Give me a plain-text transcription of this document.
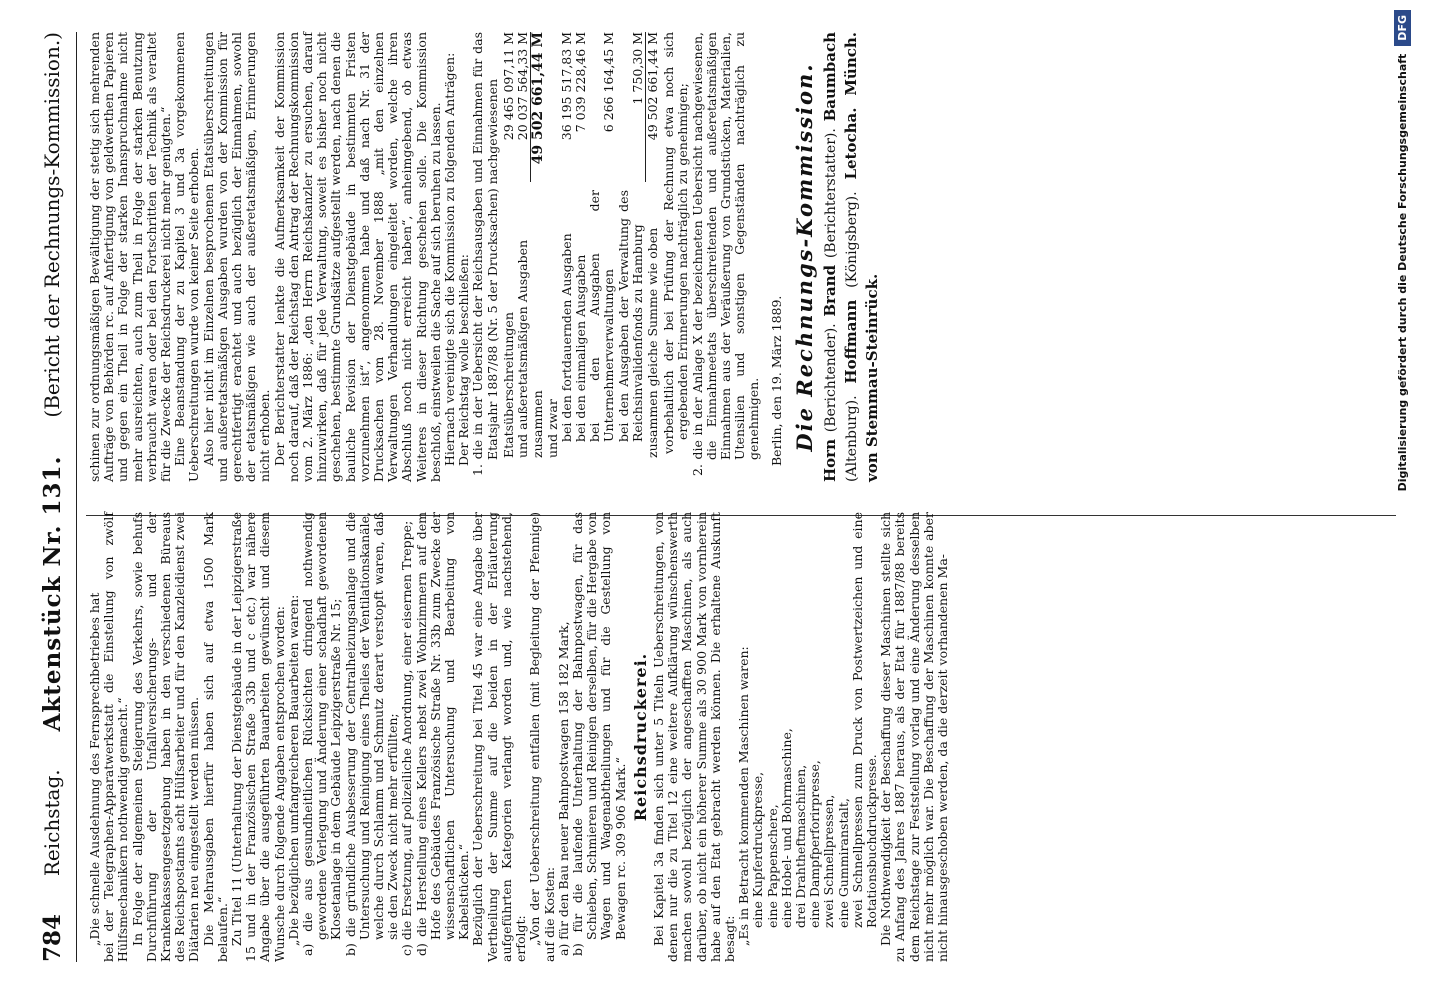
784
Reichstag.
Aktenstück Nr. 131.
(Bericht der Rechnungs-Kommission.)

„Die schnelle Ausdehnung des Fernsprechbetriebes hat bei der Telegraphen-Apparatwerkstatt die Einstellung von zwölf Hülfsmechanikern nothwendig gemacht.“ In Folge der allgemeinen Steigerung des Verkehrs, sowie behufs Durchführung der Unfallversicherungs- und der Krankenkassengesetzgebung haben in den verschiedenen Büreaus des Reichspostamts acht Hülfsarbeiter und für den Kanzleidienst zwei Diätarien neu eingestellt werden müssen. Die Mehrausgaben hierfür haben sich auf etwa 1500 Mark belaufen.“ Zu Titel 11 (Unterhaltung der Dienstgebäude in der Leipzigerstraße 15 und in der Französischen Straße 33b und c etc.) war nähere Angabe über die ausgeführten Bauarbeiten gewünscht und diesem Wunsche durch folgende Angaben entsprochen worden: „Die bezüglichen umfangreicheren Bauarbeiten waren: a) die aus gesundheitlichen Rücksichten dringend nothwendig gewordene Verlegung und Änderung einer schadhaft gewordenen Klosetanlage in dem Gebäude Leipzigerstraße Nr. 15; b) die gründliche Ausbesserung der Centralheizungsanlage und die Untersuchung und Reinigung eines Theiles der Ventilationskanäle, welche durch Schlamm und Schmutz derart verstopft waren, daß sie den Zweck nicht mehr erfüllten; c) die Ersetzung, auf polizeiliche Anordnung, einer eisernen Treppe; d) die Herstellung eines Kellers nebst zwei Wohnzimmern auf dem Hofe des Gebäudes Französische Straße Nr. 33b zum Zwecke der wissenschaftlichen Untersuchung und Bearbeitung von Kabelstücken.“ Bezüglich der Ueberschreitung bei Titel 45 war eine Angabe über Vertheilung der Summe auf die beiden in der Erläuterung aufgeführten Kategorien verlangt worden und, wie nachstehend, erfolgt: „Von der Ueberschreitung entfallen (mit Begleitung der Pfennige) auf die Kosten: a) für den Bau neuer Bahnpostwagen 158 182 Mark, b) für die laufende Unterhaltung der Bahnpostwagen, für das Schieben, Schmieren und Reinigen derselben, für die Hergabe von Wagen und Wagenabtheilungen und für die Gestellung von Bewagen rc. 309 906 Mark.“

Reichsdruckerei. Bei Kapitel 3a finden sich unter 5 Titeln Ueberschreitungen, von denen nur die zu Titel 12 eine weitere Aufklärung wünschenswerth machen sowohl bezüglich der angeschafften Maschinen, als auch darüber, ob nicht ein höherer Summe als 30 900 Mark von vornherein habe auf den Etat gebracht werden können. Die erhaltene Auskunft besagt: „Es in Betracht kommenden Maschinen waren: eine Kupferdruckpresse, eine Pappenschere, eine Hobel- und Bohrmaschine, drei Drahtheftmaschinen, eine Dampfperforirpresse, zwei Schnellpressen, eine Gummiranstalt, zwei Schnellpressen zum Druck von Postwertzeichen und eine Rotationsbuchdruckpresse. Die Nothwendigkeit der Beschaffung dieser Maschinen stellte sich zu Anfang des Jahres 1887 heraus, als der Etat für 1887/88 bereits dem Reichstage zur Feststellung vorlag und eine Änderung desselben nicht mehr möglich war. Die Beschaffung der Maschinen konnte aber nicht hinausgeschoben werden, da die derzeit vorhandenen Ma-

schinen zur ordnungsmäßigen Bewältigung der stetig sich mehrenden Aufträge von Behörden rc. auf Anfertigung von geldwerthen Papieren und gegen ein Theil in Folge der starken Inanspruchnahme nicht mehr ausreichten, auch zum Theil in Folge der starken Benutzung verbraucht waren oder bei den Fortschritten der Technik als veraltet für die Zwecke der Reichsdruckerei nicht mehr genügten.“ Eine Beanstandung der zu Kapitel 3 und 3a vorgekommenen Ueberschreitungen wurde von keiner Seite erhoben. Also hier nicht im Einzelnen besprochenen Etatsüberschreitungen und außeretatsmäßigen Ausgaben wurden von der Kommission für gerechtfertigt erachtet und auch bezüglich der Einnahmen, sowohl der etatsmäßigen wie auch der außeretatsmäßigen, Erinnerungen nicht erhoben. Der Berichterstatter lenkte die Aufmerksamkeit der Kommission noch darauf, daß der Reichstag den Antrag der Rechnungskommission vom 2. März 1886: „den Herrn Reichskanzler zu ersuchen, darauf hinzuwirken, daß für jede Verwaltung, soweit es bisher noch nicht geschehen, bestimmte Grundsätze aufgestellt werden, nach denen die bauliche Revision der Dienstgebäude in bestimmten Fristen vorzunehmen ist“, angenommen habe und daß nach Nr. 31 der Drucksachen vom 28. November 1888 „mit den einzelnen Verwaltungen Verhandlungen eingeleitet worden, welche ihren Abschluß noch nicht erreicht haben“, anheimgebend, ob etwas Weiteres in dieser Richtung geschehen solle. Die Kommission beschloß, einstweilen die Sache auf sich beruhen zu lassen. Hiernach vereinigte sich die Kommission zu folgenden Anträgen: Der Reichstag wolle beschließen: 1. die in der Uebersicht der Reichsausgaben und Einnahmen für das Etatsjahr 1887/88 (Nr. 5 der Drucksachen) nachgewiesenen Etatsüberschreitungen
29 465 097,11 M
und außeretatsmäßigen Ausgaben
20 037 564,33 M
zusammen
49 502 661,44 M
und zwar bei den fortdauernden Ausgaben
36 195 517,83 M
bei den einmaligen Ausgaben
7 039 228,46 M
bei den Ausgaben der Unternehmerverwaltungen
6 266 164,45 M
bei den Ausgaben der Verwaltung des Reichsinvalidenfonds zu Hamburg
1 750,30 M
zusammen gleiche Summe wie oben
49 502 661,44 M vorbehaltlich der bei Prüfung der Rechnung etwa noch sich ergebenden Erinnerungen nachträglich zu genehmigen; 2. die in der Anlage X der bezeichneten Uebersicht nachgewiesenen, die Einnahmeetats überschreitenden und außeretatsmäßigen Einnahmen aus der Veräußerung von Grundstücken, Materialien, Utensilien und sonstigen Gegenständen nachträglich zu genehmigen. Berlin, den 19. März 1889. Die Rechnungs-Kommission.

Horn (Berichtender). Brand (Berichterstatter). Baumbach (Altenburg). Hoffmann (Königsberg). Letocha. Münch. von Stemmau-Steinrück.	Digitalisierung gefördert durch die Deutsche Forschungsgemeinschaft
DFG
